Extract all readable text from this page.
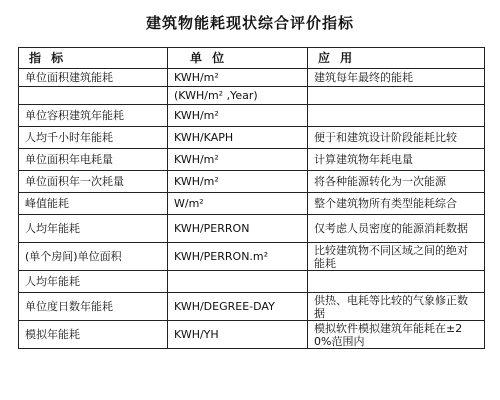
建筑物能耗现状综合评价指标
指 标	单 位	应 用
单位面积建筑能耗	KWH/m²	建筑每年最终的能耗
	(KWH/m² ,Year)	
单位容积建筑年能耗	KWH/m²	
人均千小时年能耗	KWH/KAPH	便于和建筑设计阶段能耗比较
单位面积年电耗量	KWH/m²	计算建筑物年耗电量
单位面积年一次耗量	KWH/m²	将各种能源转化为一次能源
峰值能耗	W/m²	整个建筑物所有类型能耗综合
人均年能耗	KWH/PERRON	仅考虑人员密度的能源消耗数据
(单个房间)单位面积	KWH/PERRON.m²	比较建筑物不同区域之间的绝对能耗
人均年能耗		
单位度日数年能耗	KWH/DEGREE-DAY	供热、电耗等比较的气象修正数据
模拟年能耗	KWH/YH	模拟软件模拟建筑年能耗在±20%范围内
